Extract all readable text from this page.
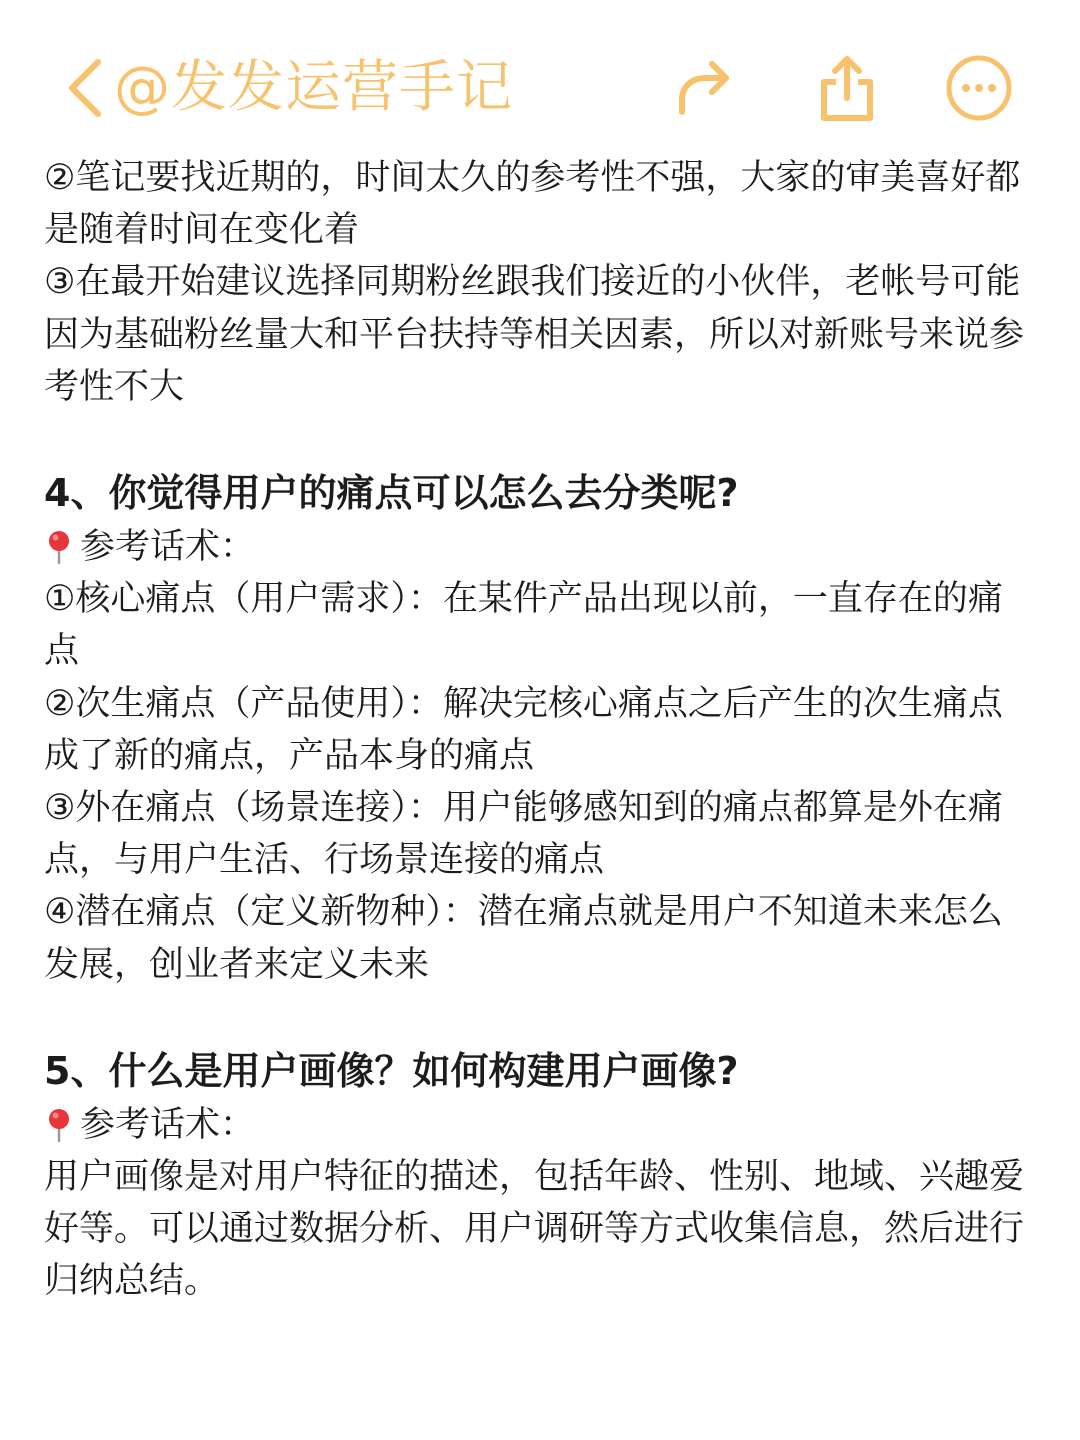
@发发运营手记

②笔记要找近期的，时间太久的参考性不强，大家的审美喜好都是随着时间在变化着

③在最开始建议选择同期粉丝跟我们接近的小伙伴，老帐号可能因为基础粉丝量大和平台扶持等相关因素，所以对新账号来说参考性不大

4、你觉得用户的痛点可以怎么去分类呢?

参考话术：

①核心痛点（用户需求）：在某件产品出现以前，一直存在的痛点

②次生痛点（产品使用）：解决完核心痛点之后产生的次生痛点成了新的痛点，产品本身的痛点

③外在痛点（场景连接）：用户能够感知到的痛点都算是外在痛点，与用户生活、行场景连接的痛点

④潜在痛点（定义新物种）：潜在痛点就是用户不知道未来怎么发展，创业者来定义未来

5、什么是用户画像？如何构建用户画像?

参考话术：

用户画像是对用户特征的描述，包括年龄、性别、地域、兴趣爱好等。可以通过数据分析、用户调研等方式收集信息，然后进行归纳总结。
